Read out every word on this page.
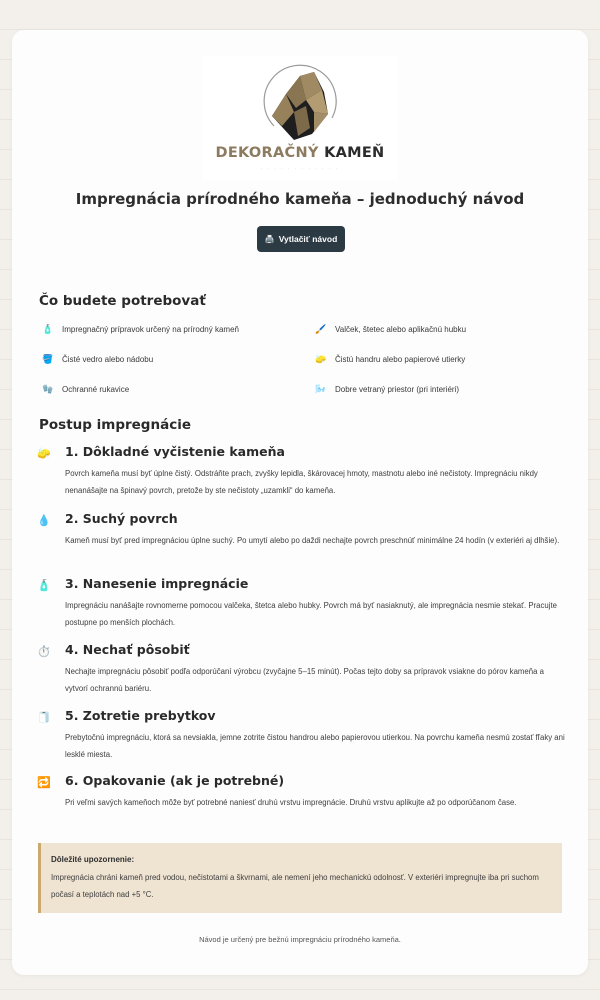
DEKORAČNÝ KAMEŇ
· · · · · · · · · · · ·
Impregnácia prírodného kameňa – jednoduchý návod
🖨️ Vytlačiť návod
Čo budete potrebovať
🧴 Impregnačný prípravok určený na prírodný kameň	🖌️ Valček, štetec alebo aplikačnú hubku
🪣 Čisté vedro alebo nádobu	🧽 Čistú handru alebo papierové utierky
🧤 Ochranné rukavice	🌬️ Dobre vetraný priestor (pri interiéri)
Postup impregnácie
🧽 1. Dôkladné vyčistenie kameňa
Povrch kameňa musí byť úplne čistý. Odstráňte prach, zvyšky lepidla, škárovacej hmoty, mastnotu alebo iné nečistoty. Impregnáciu nikdy nenanášajte na špinavý povrch, pretože by ste nečistoty „uzamkli“ do kameňa.
💧 2. Suchý povrch
Kameň musí byť pred impregnáciou úplne suchý. Po umytí alebo po daždi nechajte povrch preschnúť minimálne 24 hodín (v exteriéri aj dlhšie).
🧴 3. Nanesenie impregnácie
Impregnáciu nanášajte rovnomerne pomocou valčeka, štetca alebo hubky. Povrch má byť nasiaknutý, ale impregnácia nesmie stekať. Pracujte postupne po menších plochách.
⏱️ 4. Nechať pôsobiť
Nechajte impregnáciu pôsobiť podľa odporúčaní výrobcu (zvyčajne 5–15 minút). Počas tejto doby sa prípravok vsiakne do pórov kameňa a vytvorí ochrannú bariéru.
🧻 5. Zotretie prebytkov
Prebytočnú impregnáciu, ktorá sa nevsiakla, jemne zotrite čistou handrou alebo papierovou utierkou. Na povrchu kameňa nesmú zostať fľaky ani lesklé miesta.
🔁 6. Opakovanie (ak je potrebné)
Pri veľmi savých kameňoch môže byť potrebné naniesť druhú vrstvu impregnácie. Druhú vrstvu aplikujte až po odporúčanom čase.
Dôležité upozornenie:
Impregnácia chráni kameň pred vodou, nečistotami a škvrnami, ale nemení jeho mechanickú odolnosť. V exteriéri impregnujte iba pri suchom počasí a teplotách nad +5 °C.
Návod je určený pre bežnú impregnáciu prírodného kameňa.
